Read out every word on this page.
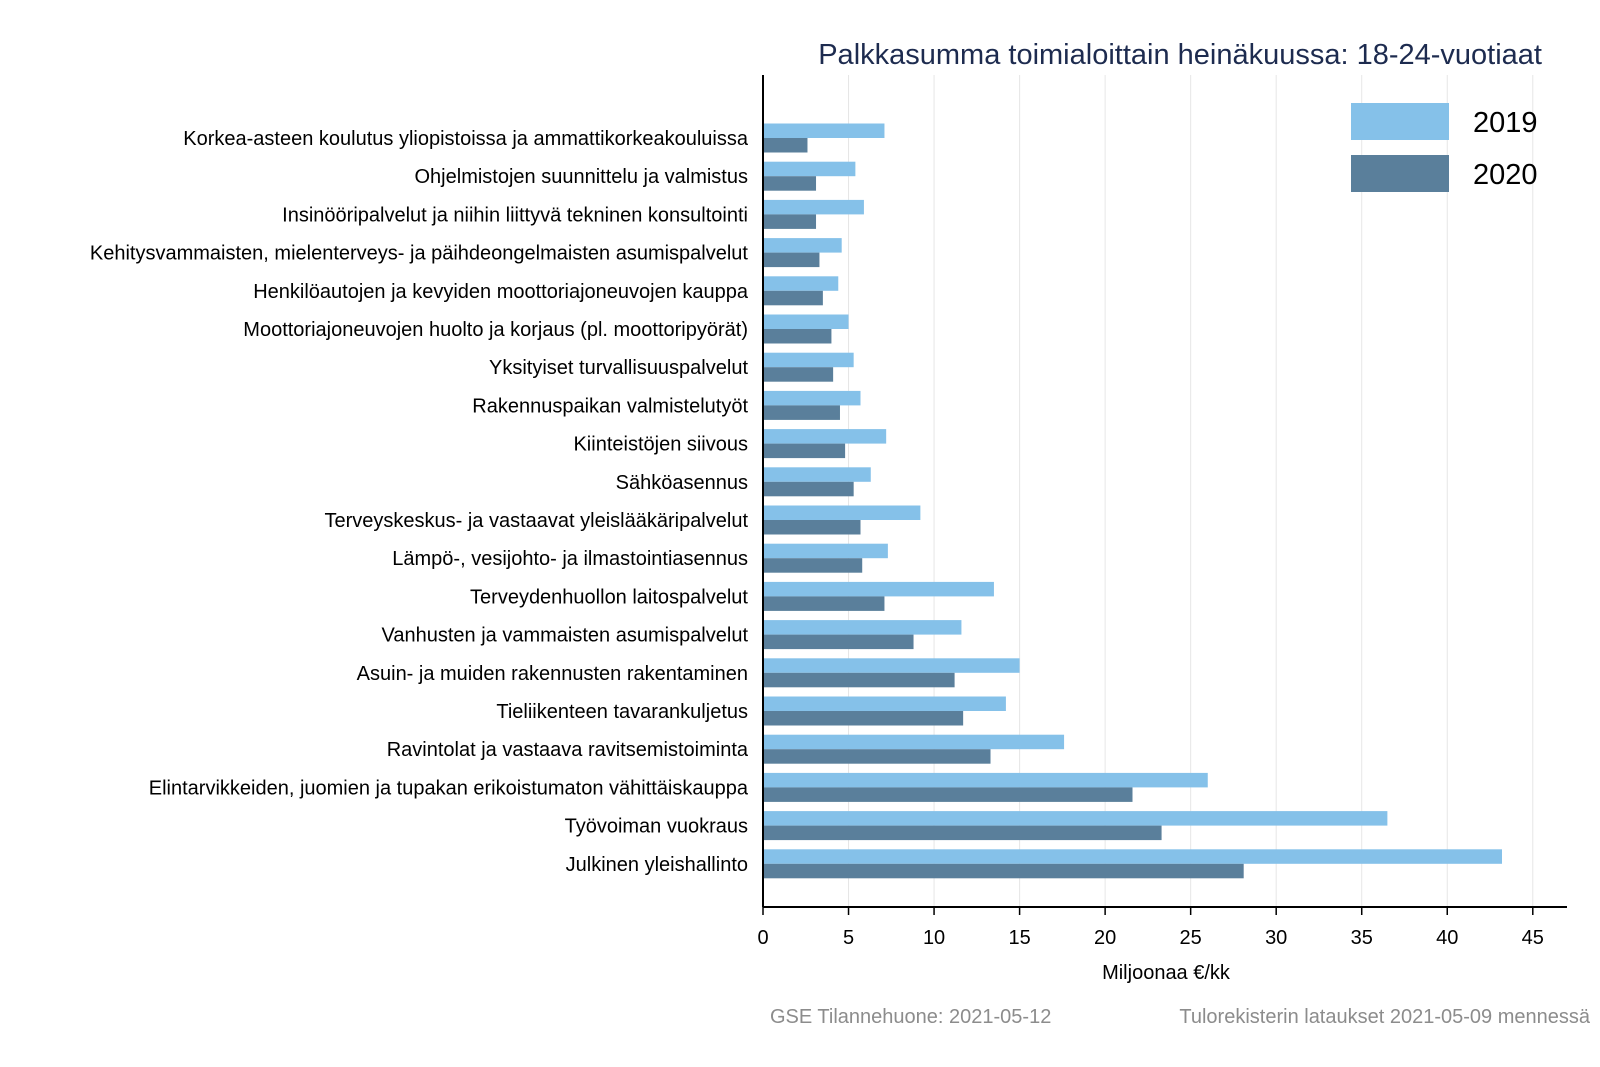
Palkkasumma toimialoittain heinäkuussa: 18-24-vuotiaat
Korkea-asteen koulutus yliopistoissa ja ammattikorkeakouluissa
Ohjelmistojen suunnittelu ja valmistus
Insinööripalvelut ja niihin liittyvä tekninen konsultointi
Kehitysvammaisten, mielenterveys- ja päihdeongelmaisten asumispalvelut
Henkilöautojen ja kevyiden moottoriajoneuvojen kauppa
Moottoriajoneuvojen huolto ja korjaus (pl. moottoripyörät)
Yksityiset turvallisuuspalvelut
Rakennuspaikan valmistelutyöt
Kiinteistöjen siivous
Sähköasennus
Terveyskeskus- ja vastaavat yleislääkäripalvelut
Lämpö-, vesijohto- ja ilmastointiasennus
Terveydenhuollon laitospalvelut
Vanhusten ja vammaisten asumispalvelut
Asuin- ja muiden rakennusten rakentaminen
Tieliikenteen tavarankuljetus
Ravintolat ja vastaava ravitsemistoiminta
Elintarvikkeiden, juomien ja tupakan erikoistumaton vähittäiskauppa
Työvoiman vuokraus
Julkinen yleishallinto
0	5	10	15	20	25	30	35	40	45
Miljoonaa €/kk
2019
2020
GSE Tilannehuone: 2021-05-12	Tulorekisterin lataukset 2021-05-09 mennessä
